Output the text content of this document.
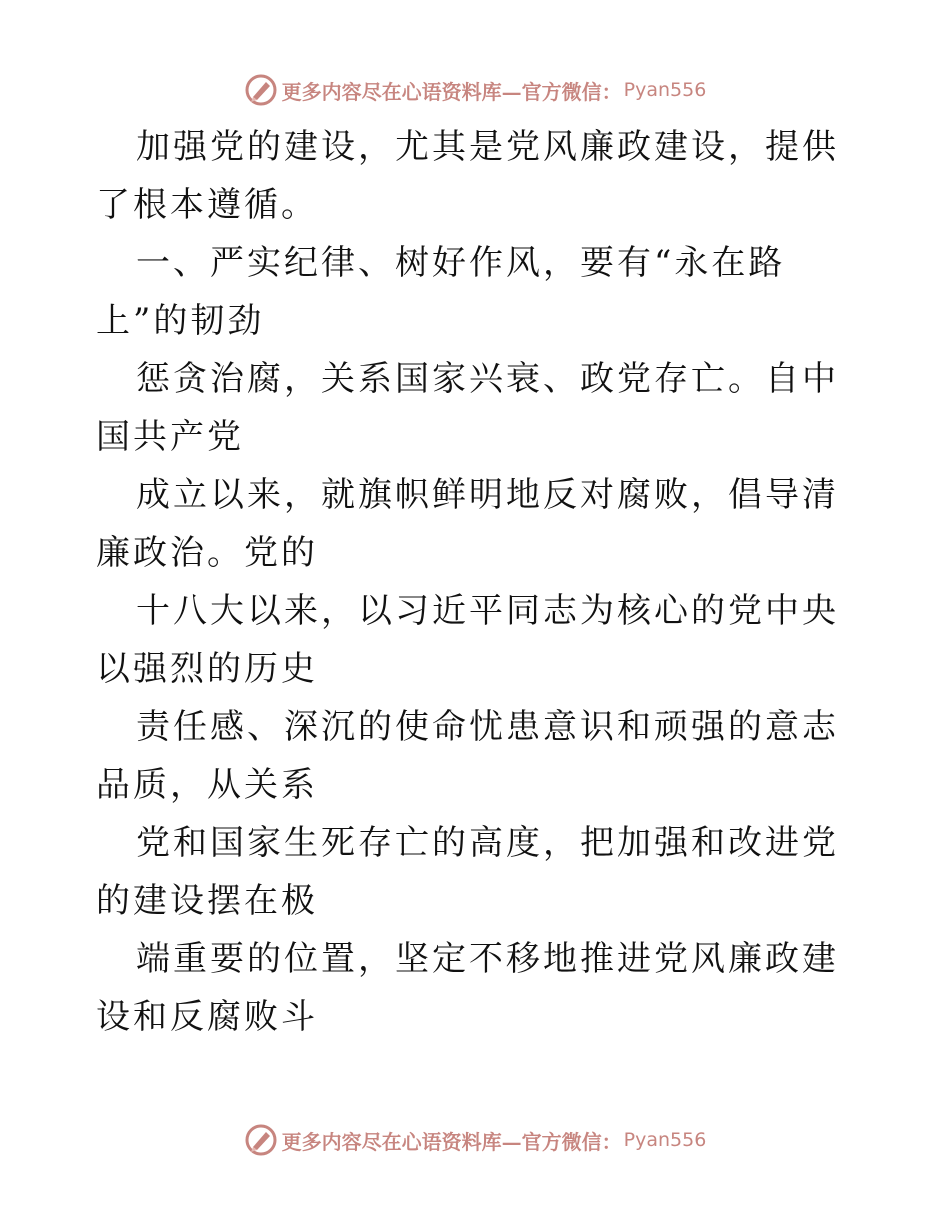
更多内容尽在心语资料库—官方微信： Pyan556

加强党的建设，尤其是党风廉政建设，提供了根本遵循。

一、严实纪律、树好作风，要有“永在路上”的韧劲

惩贪治腐，关系国家兴衰、政党存亡。自中国共产党

成立以来，就旗帜鲜明地反对腐败，倡导清廉政治。党的

十八大以来，以习近平同志为核心的党中央以强烈的历史

责任感、深沉的使命忧患意识和顽强的意志品质，从关系

党和国家生死存亡的高度，把加强和改进党的建设摆在极

端重要的位置，坚定不移地推进党风廉政建设和反腐败斗

更多内容尽在心语资料库—官方微信： Pyan556
